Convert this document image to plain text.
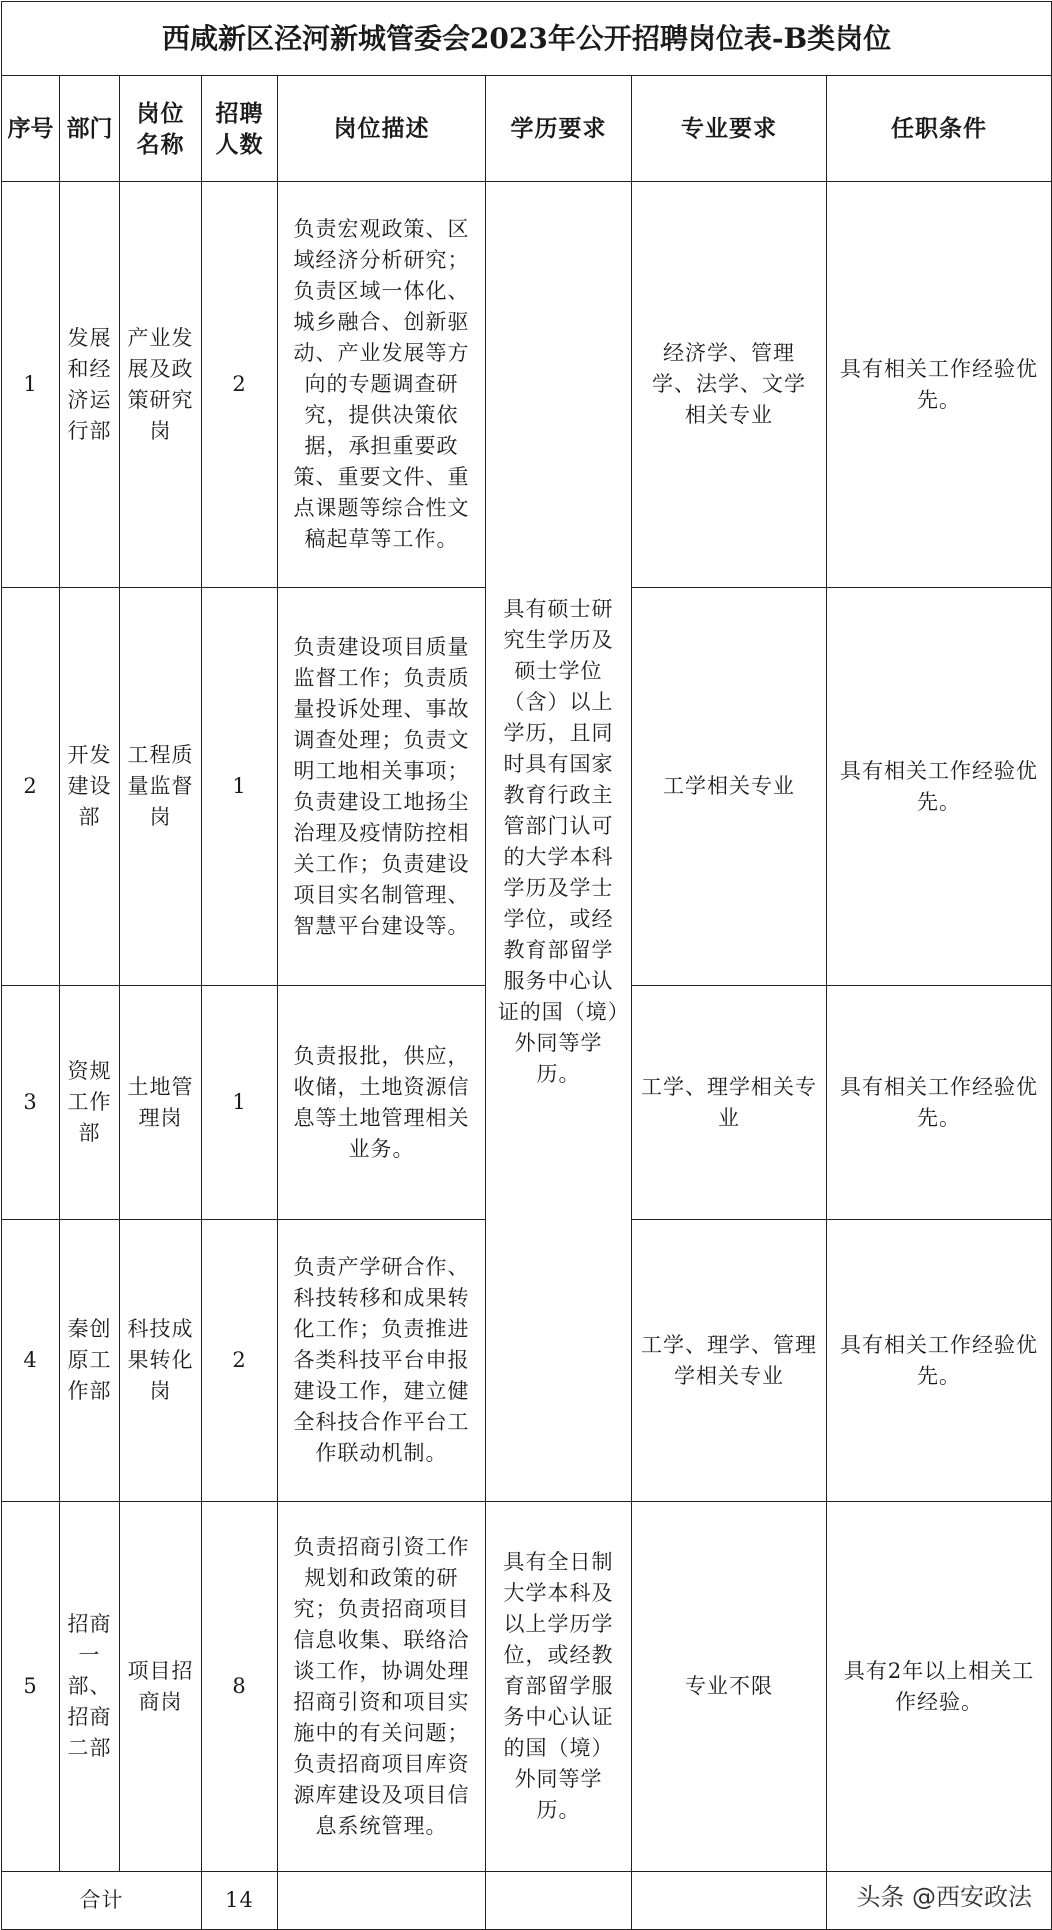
西咸新区泾河新城管委会2023年公开招聘岗位表-B类岗位							
序号	部门	岗位名称	招聘人数	岗位描述	学历要求	专业要求	任职条件
1	发展和经济运行部	产业发展及政策研究岗	2	负责宏观政策、区域经济分析研究；负责区域一体化、城乡融合、创新驱动、产业发展等方向的专题调查研究，提供决策依据，承担重要政策、重要文件、重点课题等综合性文稿起草等工作。	具有硕士研究生学历及硕士学位（含）以上学历，且同时具有国家教育行政主管部门认可的大学本科学历及学士学位，或经教育部留学服务中心认证的国（境）外同等学历。	经济学、管理学、法学、文学相关专业	具有相关工作经验优先。
2	开发建设部	工程质量监督岗	1	负责建设项目质量监督工作；负责质量投诉处理、事故调查处理；负责文明工地相关事项；负责建设工地扬尘治理及疫情防控相关工作；负责建设项目实名制管理、智慧平台建设等。		工学相关专业	具有相关工作经验优先。
3	资规工作部	土地管理岗	1	负责报批，供应，收储，土地资源信息等土地管理相关业务。		工学、理学相关专业	具有相关工作经验优先。
4	秦创原工作部	科技成果转化岗	2	负责产学研合作、科技转移和成果转化工作；负责推进各类科技平台申报建设工作，建立健全科技合作平台工作联动机制。		工学、理学、管理学相关专业	具有相关工作经验优先。
5	招商一部、招商二部	项目招商岗	8	负责招商引资工作规划和政策的研究；负责招商项目信息收集、联络洽谈工作，协调处理招商引资和项目实施中的有关问题；负责招商项目库资源库建设及项目信息系统管理。	具有全日制大学本科及以上学历学位，或经教育部留学服务中心认证的国（境）外同等学历。	专业不限	具有2年以上相关工作经验。
合计			14					头条 @西安政法
